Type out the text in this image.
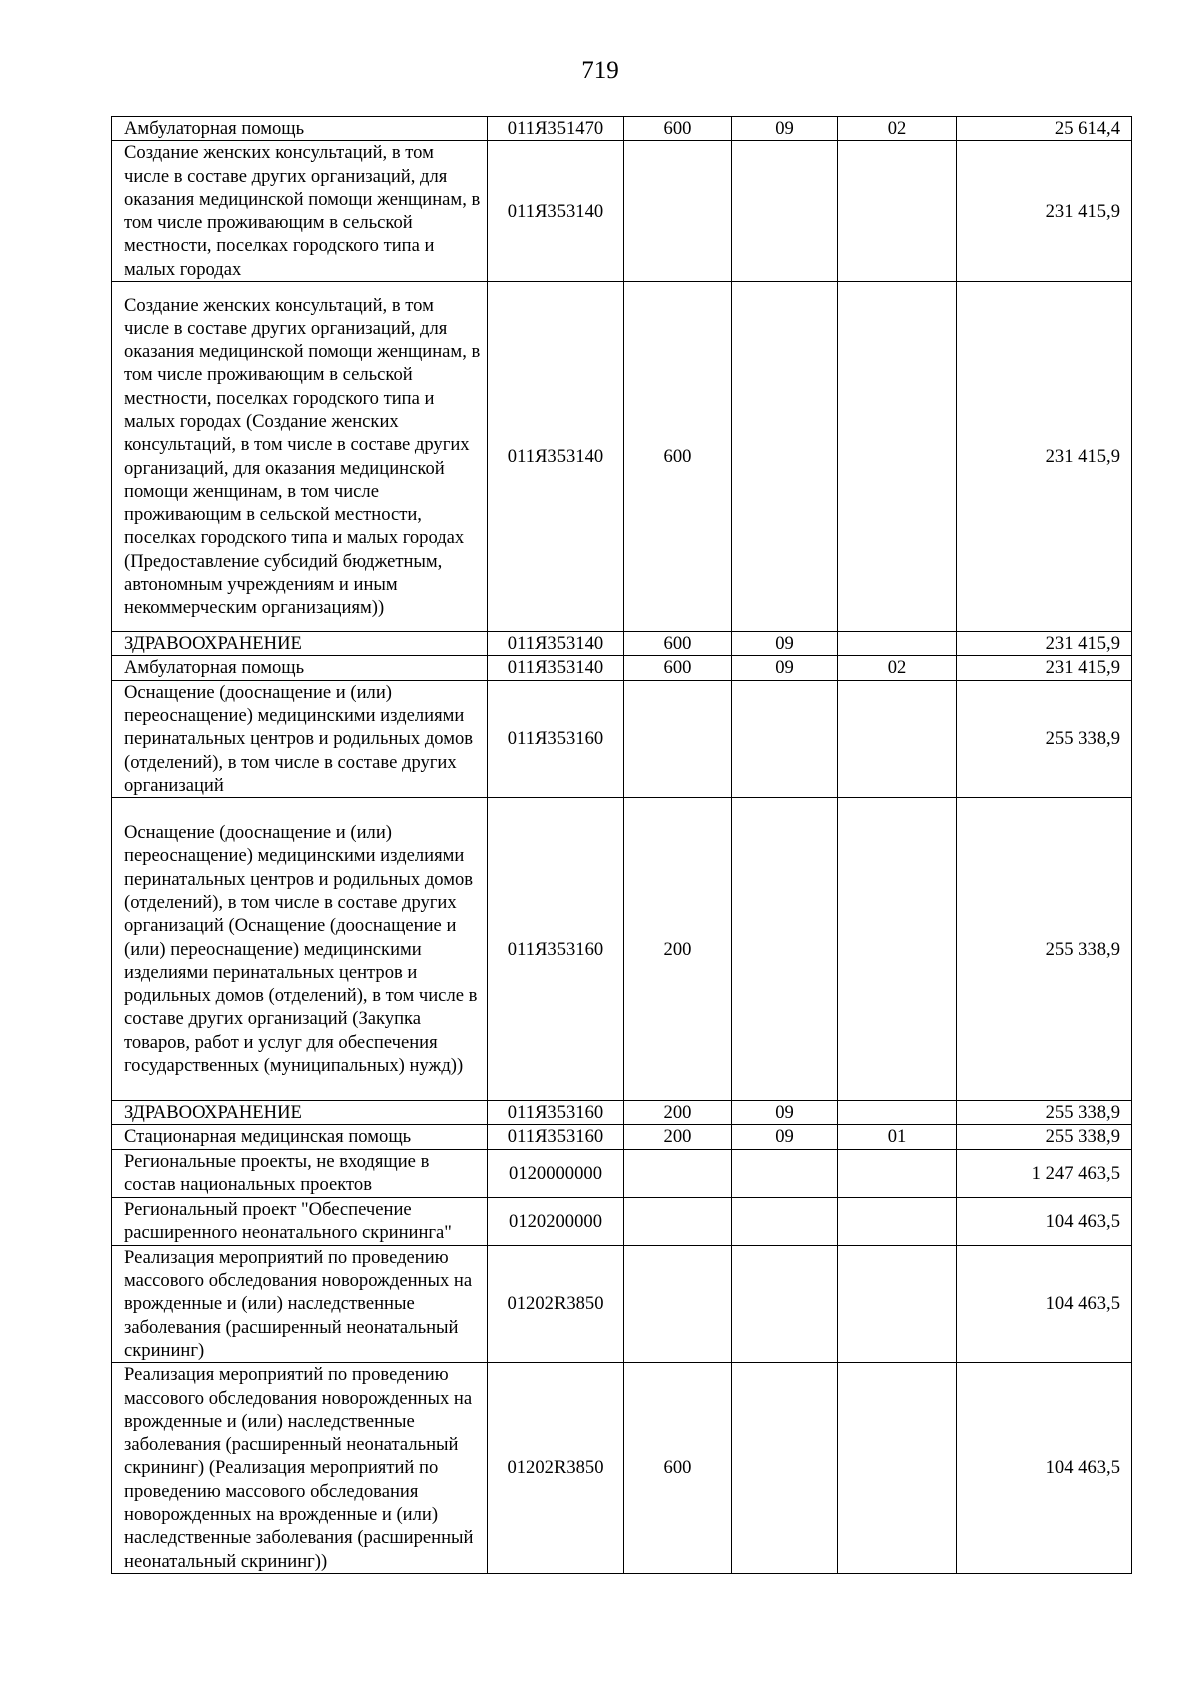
719
Амбулаторная помощь	011Я351470	600	09	02	25 614,4
Создание женских консультаций, в том числе в составе других организаций, для оказания медицинской помощи женщинам, в том числе проживающим в сельской местности, поселках городского типа и малых городах	011Я353140				231 415,9
Создание женских консультаций, в том числе в составе других организаций, для оказания медицинской помощи женщинам, в том числе проживающим в сельской местности, поселках городского типа и малых городах (Создание женских консультаций, в том числе в составе других организаций, для оказания медицинской помощи женщинам, в том числе проживающим в сельской местности, поселках городского типа и малых городах (Предоставление субсидий бюджетным, автономным учреждениям и иным некоммерческим организациям))	011Я353140	600			231 415,9
ЗДРАВООХРАНЕНИЕ	011Я353140	600	09		231 415,9
Амбулаторная помощь	011Я353140	600	09	02	231 415,9
Оснащение (дооснащение и (или) переоснащение) медицинскими изделиями перинатальных центров и родильных домов (отделений), в том числе в составе других организаций	011Я353160				255 338,9
Оснащение (дооснащение и (или) переоснащение) медицинскими изделиями перинатальных центров и родильных домов (отделений), в том числе в составе других организаций (Оснащение (дооснащение и (или) переоснащение) медицинскими изделиями перинатальных центров и родильных домов (отделений), в том числе в составе других организаций (Закупка товаров, работ и услуг для обеспечения государственных (муниципальных) нужд))	011Я353160	200			255 338,9
ЗДРАВООХРАНЕНИЕ	011Я353160	200	09		255 338,9
Стационарная медицинская помощь	011Я353160	200	09	01	255 338,9
Региональные проекты, не входящие в состав национальных проектов	0120000000				1 247 463,5
Региональный проект "Обеспечение расширенного неонатального скрининга"	0120200000				104 463,5
Реализация мероприятий по проведению массового обследования новорожденных на врожденные и (или) наследственные заболевания (расширенный неонатальный скрининг)	01202R3850				104 463,5
Реализация мероприятий по проведению массового обследования новорожденных на врожденные и (или) наследственные заболевания (расширенный неонатальный скрининг) (Реализация мероприятий по проведению массового обследования новорожденных на врожденные и (или) наследственные заболевания (расширенный неонатальный скрининг))	01202R3850	600			104 463,5
